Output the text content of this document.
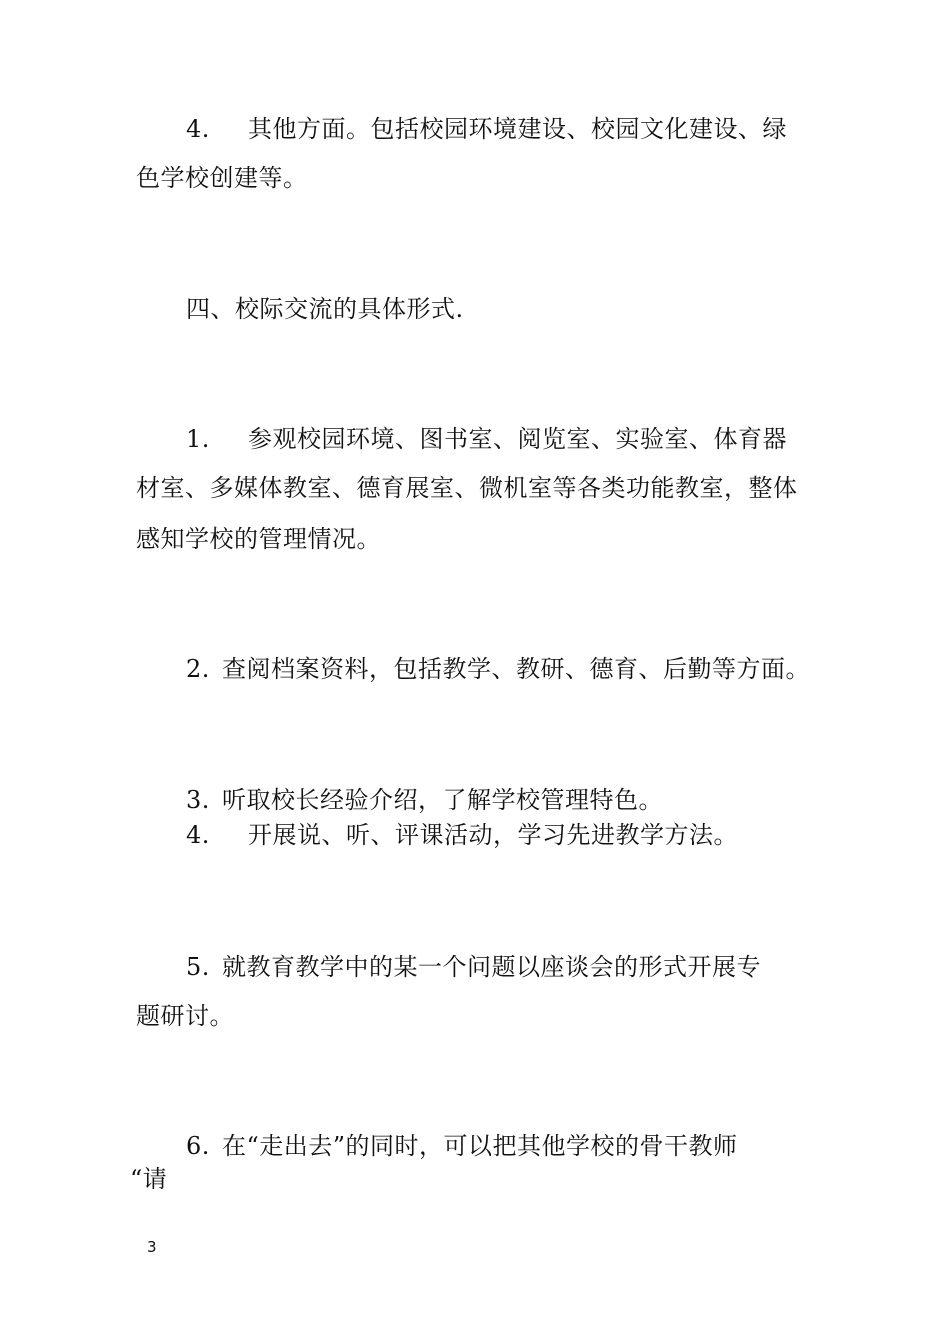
4. 其他方面。包括校园环境建设、校园文化建设、绿
色学校创建等。
四、校际交流的具体形式.
1. 参观校园环境、图书室、阅览室、实验室、体育器
材室、多媒体教室、德育展室、微机室等各类功能教室，整体
感知学校的管理情况。
2. 查阅档案资料，包括教学、教研、德育、后勤等方面。
3. 听取校长经验介绍，了解学校管理特色。
4. 开展说、听、评课活动，学习先进教学方法。
5. 就教育教学中的某一个问题以座谈会的形式开展专
题研讨。
6. 在“走出去”的同时，可以把其他学校的骨干教师
“请
3
